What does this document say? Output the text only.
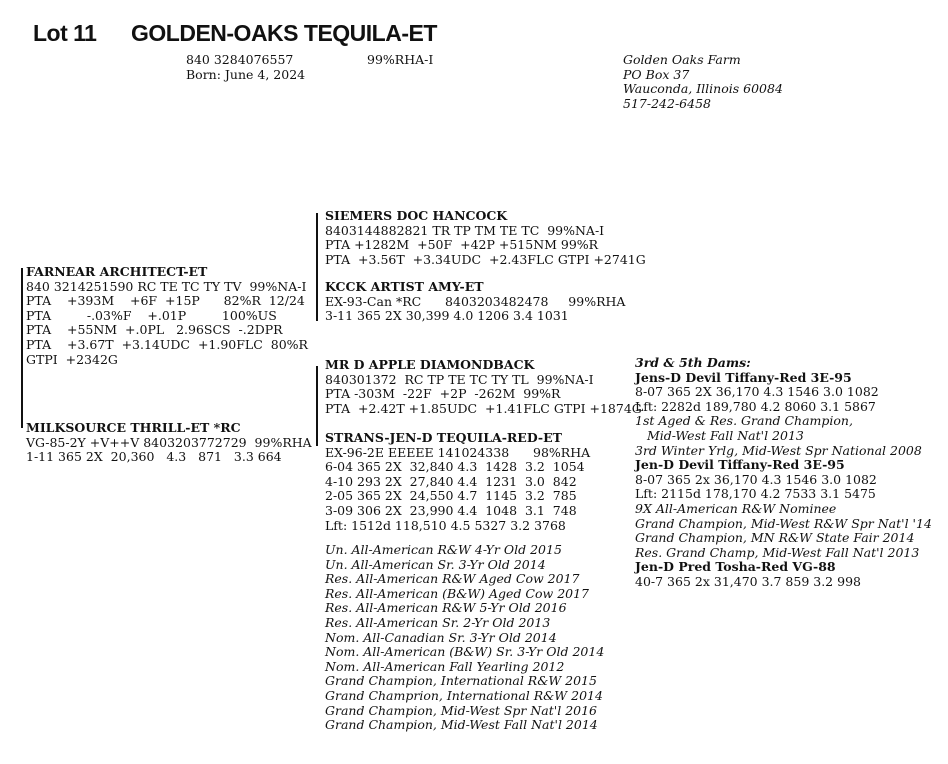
Lot 11 GOLDEN-OAKS TEQUILA-ET
840 3284076557
Born: June 4, 2024
99%RHA-I	Golden Oaks Farm
PO Box 37
Wauconda, Illinois 60084
517-242-6458
FARNEAR ARCHITECT-ET
840 3214251590 RC TE TC TY TV  99%NA-I
PTA    +393M    +6F  +15P      82%R  12/24
PTA         -.03%F    +.01P         100%US
PTA    +55NM  +.0PL   2.96SCS  -.2DPR
PTA    +3.67T  +3.14UDC  +1.90FLC  80%R
GTPI  +2342G
SIEMERS DOC HANCOCK
8403144882821 TR TP TM TE TC  99%NA-I
PTA +1282M  +50F  +42P +515NM 99%R
PTA  +3.56T  +3.34UDC  +2.43FLC GTPI +2741G
KCCK ARTIST AMY-ET
EX-93-Can *RC      8403203482478     99%RHA
3-11 365 2X 30,399 4.0 1206 3.4 1031
MILKSOURCE THRILL-ET *RC
VG-85-2Y +V++V 8403203772729  99%RHA
1-11 365 2X  20,360   4.3   871   3.3 664
MR D APPLE DIAMONDBACK
840301372  RC TP TE TC TY TL  99%NA-I
PTA -303M  -22F  +2P  -262M  99%R
PTA  +2.42T +1.85UDC  +1.41FLC GTPI +1874G
STRANS-JEN-D TEQUILA-RED-ET
EX-96-2E EEEEE 141024338      98%RHA
6-04 365 2X  32,840 4.3  1428  3.2  1054
4-10 293 2X  27,840 4.4  1231  3.0  842
2-05 365 2X  24,550 4.7  1145  3.2  785
3-09 306 2X  23,990 4.4  1048  3.1  748
Lft: 1512d 118,510 4.5 5327 3.2 3768
Un. All-American R&W 4-Yr Old 2015
Un. All-American Sr. 3-Yr Old 2014
Res. All-American R&W Aged Cow 2017
Res. All-American (B&W) Aged Cow 2017
Res. All-American R&W 5-Yr Old 2016
Res. All-American Sr. 2-Yr Old 2013
Nom. All-Canadian Sr. 3-Yr Old 2014
Nom. All-American (B&W) Sr. 3-Yr Old 2014
Nom. All-American Fall Yearling 2012
Grand Champion, International R&W 2015
Grand Champrion, International R&W 2014
Grand Champion, Mid-West Spr Nat'l 2016
Grand Champion, Mid-West Fall Nat'l 2014
3rd & 5th Dams:
Jens-D Devil Tiffany-Red 3E-95
8-07 365 2X 36,170 4.3 1546 3.0 1082
Lft: 2282d 189,780 4.2 8060 3.1 5867
1st Aged & Res. Grand Champion,
Mid-West Fall Nat'l 2013
3rd Winter Yrlg, Mid-West Spr National 2008
Jen-D Devil Tiffany-Red 3E-95
8-07 365 2x 36,170 4.3 1546 3.0 1082
Lft: 2115d 178,170 4.2 7533 3.1 5475
9X All-American R&W Nominee
Grand Champion, Mid-West R&W Spr Nat'l '14
Grand Champion, MN R&W State Fair 2014
Res. Grand Champ, Mid-West Fall Nat'l 2013
Jen-D Pred Tosha-Red VG-88
40-7 365 2x 31,470 3.7 859 3.2 998
